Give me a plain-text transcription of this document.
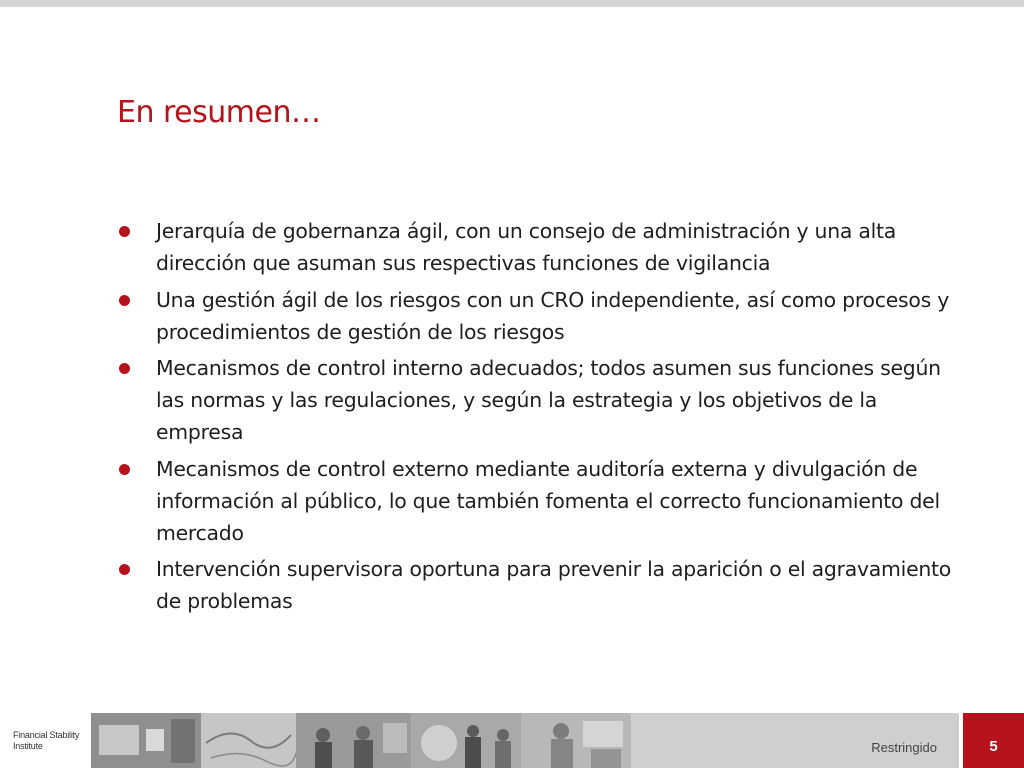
En resumen…
Jerarquía de gobernanza ágil, con un consejo de administración y una alta dirección que asuman sus respectivas funciones de vigilancia
Una gestión ágil de los riesgos con un CRO independiente, así como procesos y procedimientos de gestión de los riesgos
Mecanismos de control interno adecuados; todos asumen sus funciones según las normas y las regulaciones, y según la estrategia y los objetivos de la empresa
Mecanismos de control externo mediante auditoría externa y divulgación de información al público, lo que también fomenta el correcto funcionamiento del mercado
Intervención supervisora oportuna para prevenir la aparición o el agravamiento de problemas
Financial Stability
Institute	Restringido	5
